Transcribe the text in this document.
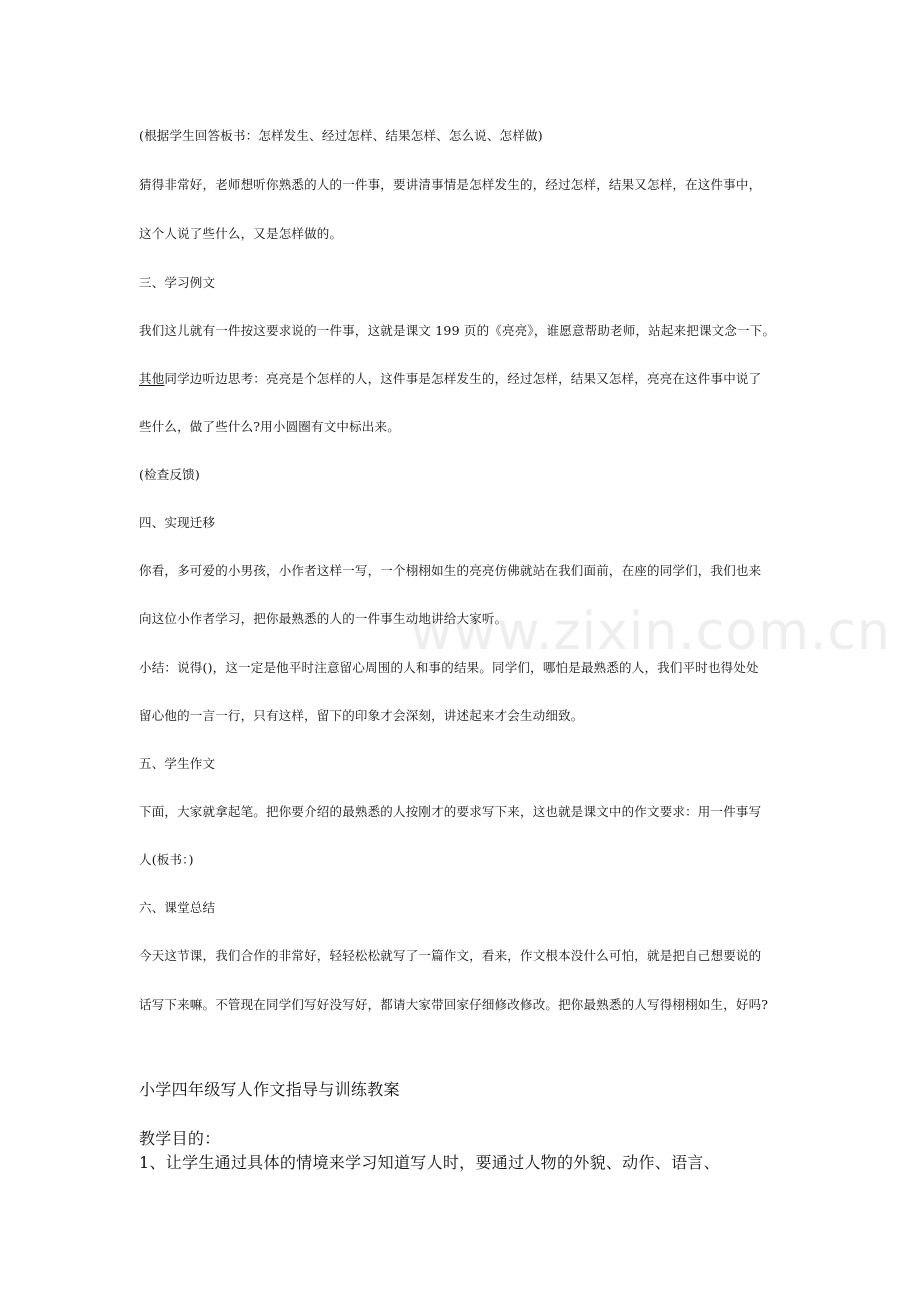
www.zixin.com.cn
(根据学生回答板书：怎样发生、经过怎样、结果怎样、怎么说、怎样做)
猜得非常好，老师想听你熟悉的人的一件事，要讲清事情是怎样发生的，经过怎样，结果又怎样，在这件事中，
这个人说了些什么，又是怎样做的。
三、学习例文
我们这儿就有一件按这要求说的一件事，这就是课文 199 页的《亮亮》，谁愿意帮助老师，站起来把课文念一下。
其他同学边听边思考：亮亮是个怎样的人，这件事是怎样发生的，经过怎样，结果又怎样，亮亮在这件事中说了
些什么，做了些什么?用小圆圈有文中标出来。
(检查反馈)
四、实现迁移
你看，多可爱的小男孩，小作者这样一写，一个栩栩如生的亮亮仿佛就站在我们面前，在座的同学们，我们也来
向这位小作者学习，把你最熟悉的人的一件事生动地讲给大家听。
小结：说得()，这一定是他平时注意留心周围的人和事的结果。同学们，哪怕是最熟悉的人，我们平时也得处处
留心他的一言一行，只有这样，留下的印象才会深刻，讲述起来才会生动细致。
五、学生作文
下面，大家就拿起笔。把你要介绍的最熟悉的人按刚才的要求写下来，这也就是课文中的作文要求：用一件事写
人(板书：)
六、课堂总结
今天这节课，我们合作的非常好，轻轻松松就写了一篇作文，看来，作文根本没什么可怕，就是把自己想要说的
话写下来嘛。不管现在同学们写好没写好，都请大家带回家仔细修改修改。把你最熟悉的人写得栩栩如生，好吗?
小学四年级写人作文指导与训练教案
教学目的：
1、让学生通过具体的情境来学习知道写人时，要通过人物的外貌、动作、语言、
